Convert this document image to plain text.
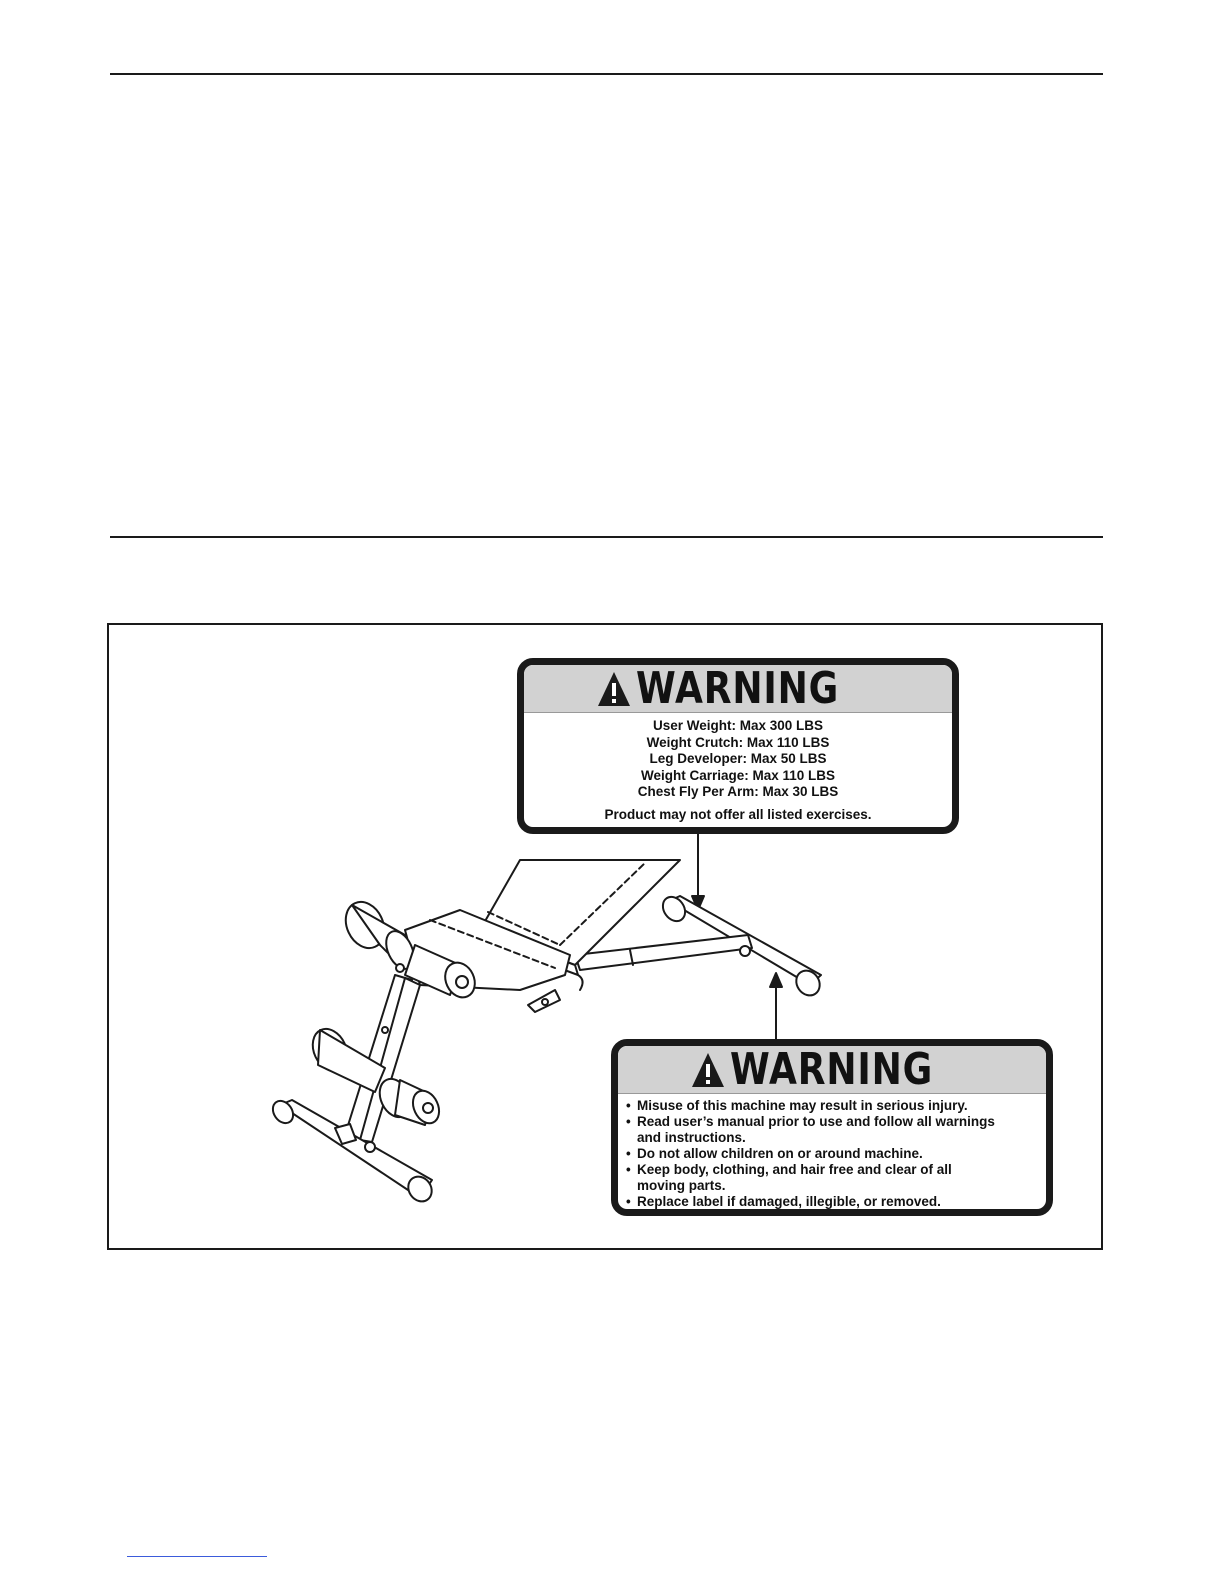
WARNING
User Weight: Max 300 LBS
Weight Crutch: Max 110 LBS
Leg Developer: Max 50 LBS
Weight Carriage: Max 110 LBS
Chest Fly Per Arm: Max 30 LBS
Product may not offer all listed exercises.
WARNING
• Misuse of this machine may result in serious injury.
• Read user’s manual prior to use and follow all warnings
and instructions.
• Do not allow children on or around machine.
• Keep body, clothing, and hair free and clear of all
moving parts.
• Replace label if damaged, illegible, or removed.
